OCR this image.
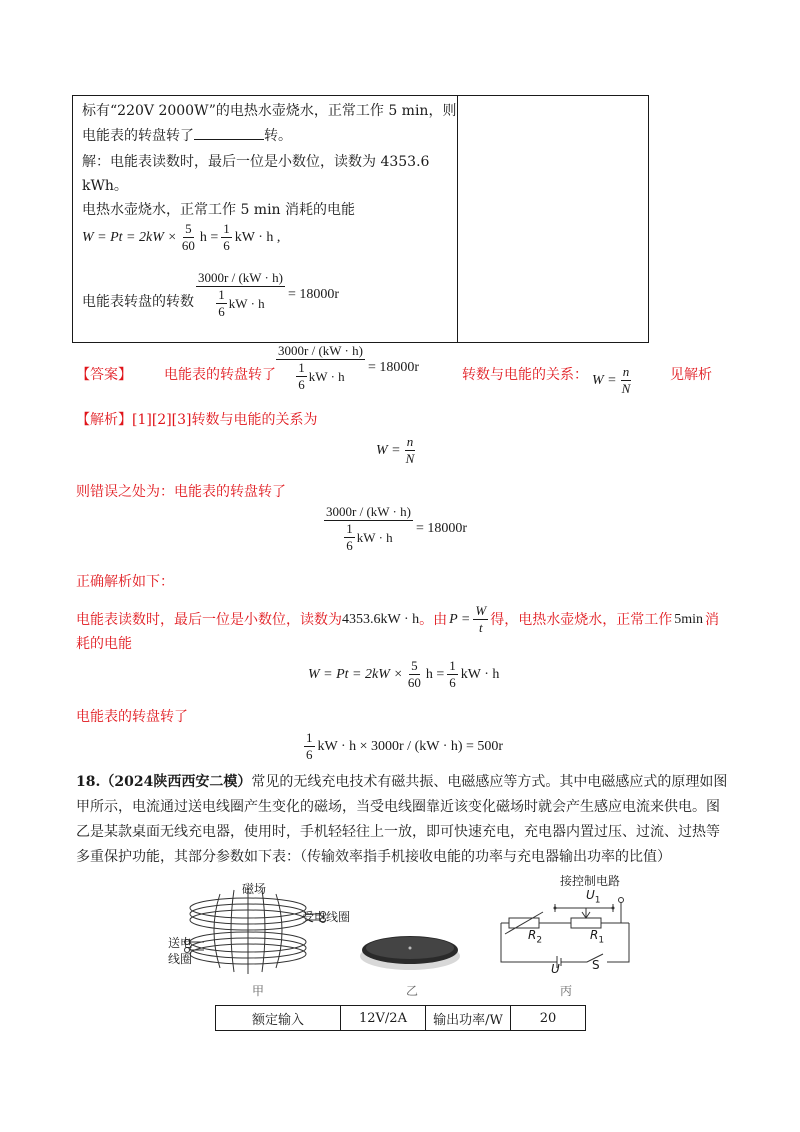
标有“220V 2000W”的电热水壶烧水，正常工作 5 min，则
电能表的转盘转了	转。
解：电能表读数时，最后一位是小数位，读数为 4353.6
kWh。
电热水壶烧水，正常工作 5 min 消耗的电能
$W = Pt = 2kW \times \frac{5}{60}$ $h = \frac{1}{6}$ kW · h ,
电能表转盘的转数 $\frac{3000r / (kW \cdot h)}{\frac{1}{6} kW \cdot h} = 18000r$
【答案】 电能表的转盘转了 $\frac{3000r / (kW \cdot h)}{\frac{1}{6} kW \cdot h} = 18000r$	转数与电能的关系： $W = \frac{n}{N}$	见解析
【解析】[1][2][3]转数与电能的关系为
$W = \frac{n}{N}$
则错误之处为：电能表的转盘转了
$\frac{3000r / (kW \cdot h)}{\frac{1}{6} kW \cdot h} = 18000r$
正确解析如下：
电能表读数时，最后一位是小数位，读数为 4353.6kW · h 。由 $P = \frac{W}{t}$ 得，电热水壶烧水，正常工作 5min 消
耗的电能
$W = Pt = 2kW \times \frac{5}{60}$ $h = \frac{1}{6}$ kW · h
电能表的转盘转了
$\frac{1}{6}$ kW · h × 3000r / (kW · h) = 500r
18.（2024陕西西安二模）常见的无线充电技术有磁共振、电磁感应等方式。其中电磁感应式的原理如图
甲所示，电流通过送电线圈产生变化的磁场，当受电线圈靠近该变化磁场时就会产生感应电流来供电。图
乙是某款桌面无线充电器，使用时，手机轻轻往上一放，即可快速充电，充电器内置过压、过流、过热等
多重保护功能，其部分参数如下表：（传输效率指手机接收电能的功率与充电器输出功率的比值）
磁场
受电线圈
送电
线圈
甲	乙
接控制电路
$U_1$
$R_2$	$R_1$
U	S
丙
额定输入	12V/2A	输出功率/W	20
